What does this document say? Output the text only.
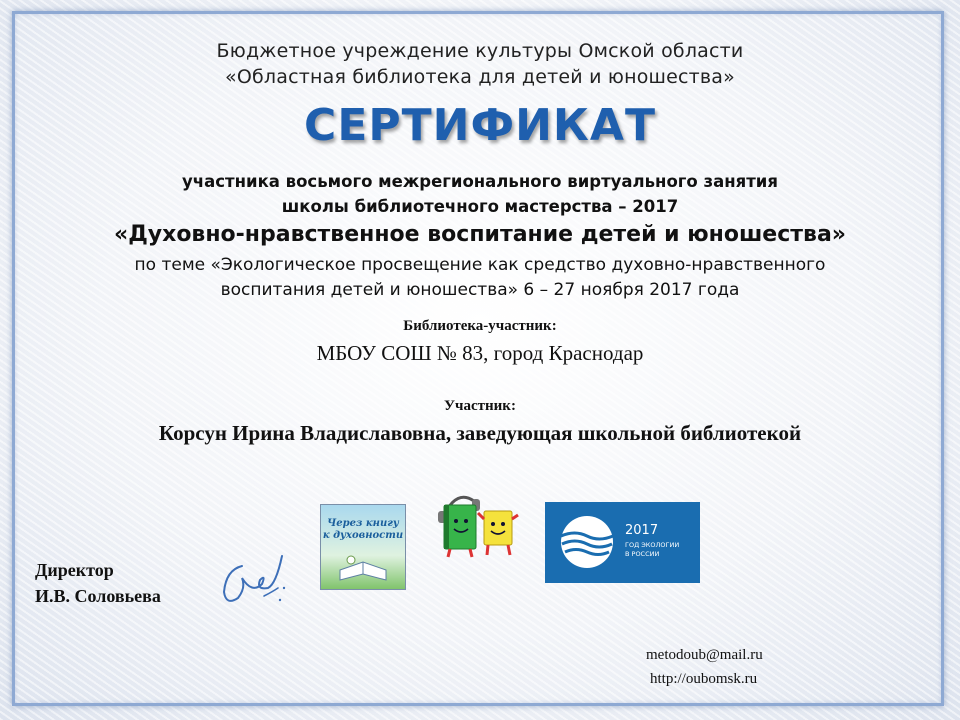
Бюджетное учреждение культуры Омской области
«Областная библиотека для детей и юношества»
СЕРТИФИКАТ
участника восьмого межрегионального виртуального занятия
школы библиотечного мастерства – 2017
«Духовно-нравственное воспитание детей и юношества»
по теме «Экологическое просвещение как средство духовно-нравственного
воспитания детей и юношества» 6 – 27 ноября 2017 года
Библиотека-участник:
МБОУ СОШ № 83, город Краснодар
Участник:
Корсун Ирина Владиславовна, заведующая школьной библиотекой
Через книгу
к духовности	2017
ГОД ЭКОЛОГИИ
В РОССИИ
Директор
И.В. Соловьева
metodoub@mail.ru
http://oubomsk.ru
